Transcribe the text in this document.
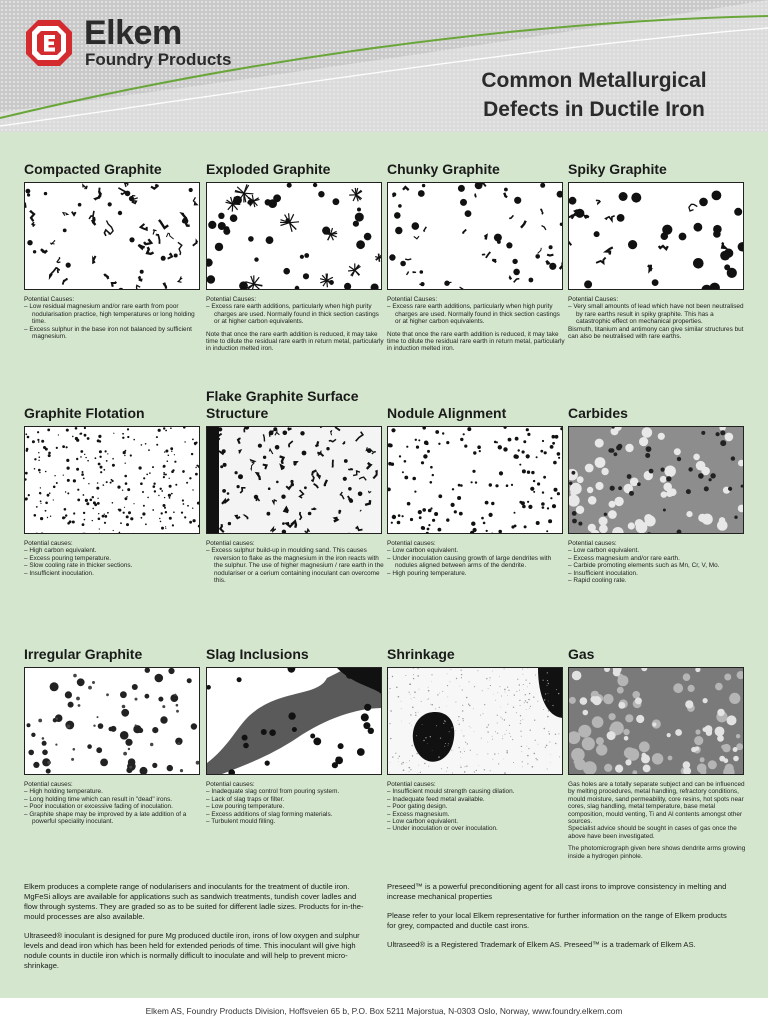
Elkem
Foundry Products
Common Metallurgical
Defects in Ductile Iron
Compacted Graphite

Potential Causes:

– Low residual magnesium and/or rare earth from poor nodularisation practice, high temperatures or long holding time.

– Excess sulphur in the base iron not balanced by sufficient magnesium.

Exploded Graphite

Potential Causes:

– Excess rare earth additions, particularly when high purity charges are used. Normally found in thick section castings or at higher carbon equivalents.

Note that once the rare earth addition is reduced, it may take time to dilute the residual rare earth in return metal, particularly in induction melted iron.

Chunky Graphite

Potential Causes:

– Excess rare earth additions, particularly when high purity charges are used. Normally found in thick section castings or at higher carbon equivalents.

Note that once the rare earth addition is reduced, it may take time to dilute the residual rare earth in return metal, particularly in induction melted iron.

Spiky Graphite

Potential Causes:

– Very small amounts of lead which have not been neutralised by rare earths result in spiky graphite. This has a catastrophic effect on mechanical properties.

Bismuth, titanium and antimony can give similar structures but can also be neutralised with rare earths.

Graphite Flotation

Potential causes:

– High carbon equivalent.

– Excess pouring temperature.

– Slow cooling rate in thicker sections.

– Insufficient inoculation.

Flake Graphite Surface Structure

Potential causes:

– Excess sulphur build-up in moulding sand. This causes reversion to flake as the magnesium in the iron reacts with the sulphur. The use of higher magnesium / rare earth in the nodulariser or a cerium containing inoculant can overcome this.

Nodule Alignment

Potential causes:

– Low carbon equivalent.

– Under inoculation causing growth of large dendrites with nodules aligned between arms of the dendrite.

– High pouring temperature.

Carbides

Potential causes:

– Low carbon equivalent.

– Excess magnesium and/or rare earth.

– Carbide promoting elements such as Mn, Cr, V, Mo.

– Insufficient inoculation.

– Rapid cooling rate.

Irregular Graphite

Potential causes:

– High holding temperature.

– Long holding time which can result in "dead" irons.

– Poor inoculation or excessive fading of inoculation.

– Graphite shape may be improved by a late addition of a powerful speciality inoculant.

Slag Inclusions

Potential causes:

– Inadequate slag control from pouring system.

– Lack of slag traps or filter.

– Low pouring temperature.

– Excess additions of slag forming materials.

– Turbulent mould filling.

Shrinkage

Potential causes:

– Insufficient mould strength causing dilation.

– Inadequate feed metal available.

– Poor gating design.

– Excess magnesium.

– Low carbon equivalent.

– Under inoculation or over inoculation.

Gas

Gas holes are a totally separate subject and can be influenced by melting procedures, metal handling, refractory conditions, mould moisture, sand permeability, core resins, hot spots near cores, slag handling, metal temperature, base metal composition, mould venting, Ti and Al contents amongst other sources.

Specialist advice should be sought in cases of gas once the above have been investigated.

The photomicrograph given here shows dendrite arms growing inside a hydrogen pinhole.

Elkem produces a complete range of nodularisers and inoculants for the treatment of ductile iron. MgFeSi alloys are available for applications such as sandwich treatments, tundish cover ladles and flow through systems. They are graded so as to be suited for different ladle sizes. Products for in-the-mould processes are also available.

Ultraseed® inoculant is designed for pure Mg produced ductile iron, irons of low oxygen and sulphur levels and dead iron which has been held for extended periods of time. This inoculant will give high nodule counts in ductile iron which is normally difficult to inoculate and will help to prevent micro-shrinkage.

Preseed™ is a powerful preconditioning agent for all cast irons to improve consistency in melting and increase mechanical properties

Please refer to your local Elkem representative for further information on the range of Elkem products for grey, compacted and ductile cast irons.

Ultraseed® is a Registered Trademark of Elkem AS. Preseed™ is a trademark of Elkem AS.

Elkem AS, Foundry Products Division, Hoffsveien 65 b, P.O. Box 5211 Majorstua, N-0303 Oslo, Norway, www.foundry.elkem.com
